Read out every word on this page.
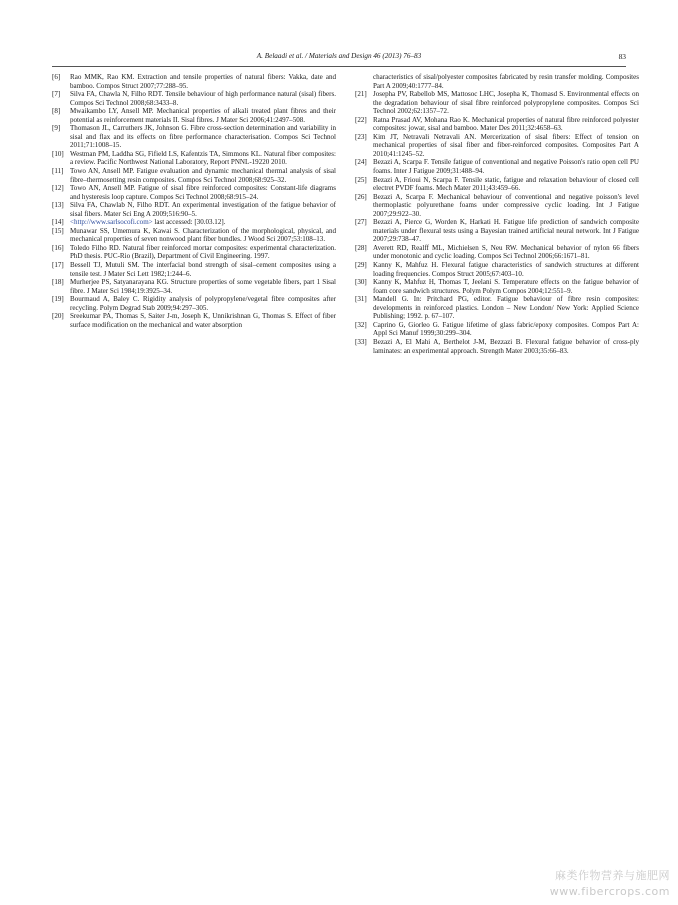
A. Belaadi et al. / Materials and Design 46 (2013) 76–83	83

[6] Rao MMK, Rao KM. Extraction and tensile properties of natural fibers: Vakka, date and bamboo. Compos Struct 2007;77:288–95.

[7] Silva FA, Chawla N, Filho RDT. Tensile behaviour of high performance natural (sisal) fibers. Compos Sci Technol 2008;68:3433–8.

[8] Mwaikambo LY, Ansell MP. Mechanical properties of alkali treated plant fibres and their potential as reinforcement materials II. Sisal fibres. J Mater Sci 2006;41:2497–508.

[9] Thomason JL, Carruthers JK, Johnson G. Fibre cross-section determination and variability in sisal and flax and its effects on fibre performance characterisation. Compos Sci Technol 2011;71:1008–15.

[10] Westman PM, Laddha SG, Fifield LS, Kafentzis TA, Simmons KL. Natural fiber composites: a review. Pacific Northwest National Laboratory, Report PNNL-19220 2010.

[11] Towo AN, Ansell MP. Fatigue evaluation and dynamic mechanical thermal analysis of sisal fibre–thermosetting resin composites. Compos Sci Technol 2008;68:925–32.

[12] Towo AN, Ansell MP. Fatigue of sisal fibre reinforced composites: Constant-life diagrams and hysteresis loop capture. Compos Sci Technol 2008;68:915–24.

[13] Silva FA, Chawlab N, Filho RDT. An experimental investigation of the fatigue behavior of sisal fibers. Mater Sci Eng A 2009;516:90–5.

[14] <http://www.sarlsocofi.com> last accessed: [30.03.12].

[15] Munawar SS, Umemura K, Kawai S. Characterization of the morphological, physical, and mechanical properties of seven nonwood plant fiber bundles. J Wood Sci 2007;53:108–13.

[16] Toledo Filho RD. Natural fiber reinforced mortar composites: experimental characterization. PhD thesis. PUC-Rio (Brazil), Department of Civil Engineering. 1997.

[17] Bessell TJ, Mutuli SM. The interfacial bond strength of sisal–cement composites using a tensile test. J Mater Sci Lett 1982;1:244–6.

[18] Murherjee PS, Satyanarayana KG. Structure properties of some vegetable fibers, part 1 Sisal fibre. J Mater Sci 1984;19:3925–34.

[19] Bourmaud A, Baley C. Rigidity analysis of polypropylene/vegetal fibre composites after recycling. Polym Degrad Stab 2009;94:297–305.

[20] Sreekumar PA, Thomas S, Saiter J-m, Joseph K, Unnikrishnan G, Thomas S. Effect of fiber surface modification on the mechanical and water absorption

characteristics of sisal/polyester composites fabricated by resin transfer molding. Composites Part A 2009;40:1777–84.

[21] Josepha PV, Rabellob MS, Mattosoc LHC, Josepha K, Thomasd S. Environmental effects on the degradation behaviour of sisal fibre reinforced polypropylene composites. Compos Sci Technol 2002;62:1357–72.

[22] Ratna Prasad AV, Mohana Rao K. Mechanical properties of natural fibre reinforced polyester composites: jowar, sisal and bamboo. Mater Des 2011;32:4658–63.

[23] Kim JT, Netravali Netravali AN. Mercerization of sisal fibers: Effect of tension on mechanical properties of sisal fiber and fiber-reinforced composites. Composites Part A 2010;41:1245–52.

[24] Bezazi A, Scarpa F. Tensile fatigue of conventional and negative Poisson's ratio open cell PU foams. Inter J Fatigue 2009;31:488–94.

[25] Bezazi A, Frioui N, Scarpa F. Tensile static, fatigue and relaxation behaviour of closed cell electret PVDF foams. Mech Mater 2011;43:459–66.

[26] Bezazi A, Scarpa F. Mechanical behaviour of conventional and negative poisson's level thermoplastic polyurethane foams under compressive cyclic loading. Int J Fatigue 2007;29:922–30.

[27] Bezazi A, Pierce G, Worden K, Harkati H. Fatigue life prediction of sandwich composite materials under flexural tests using a Bayesian trained artificial neural network. Int J Fatigue 2007;29:738–47.

[28] Averett RD, Realff ML, Michielsen S, Neu RW. Mechanical behavior of nylon 66 fibers under monotonic and cyclic loading. Compos Sci Technol 2006;66:1671–81.

[29] Kanny K, Mahfuz H. Flexural fatigue characteristics of sandwich structures at different loading frequencies. Compos Struct 2005;67:403–10.

[30] Kanny K, Mahfuz H, Thomas T, Jeelani S. Temperature effects on the fatigue behavior of foam core sandwich structures. Polym Polym Compos 2004;12:551–9.

[31] Mandell G. In: Pritchard PG, editor. Fatigue behaviour of fibre resin composites: developments in reinforced plastics. London – New London/ New York: Applied Science Publishing; 1992. p. 67–107.

[32] Caprino G, Giorleo G. Fatigue lifetime of glass fabric/epoxy composites. Compos Part A: Appl Sci Manuf 1999;30:299–304.

[33] Bezazi A, El Mahi A, Berthelot J-M, Bezzazi B. Flexural fatigue behavior of cross-ply laminates: an experimental approach. Strength Mater 2003;35:66–83.

麻类作物营养与施肥网
www.fibercrops.com
